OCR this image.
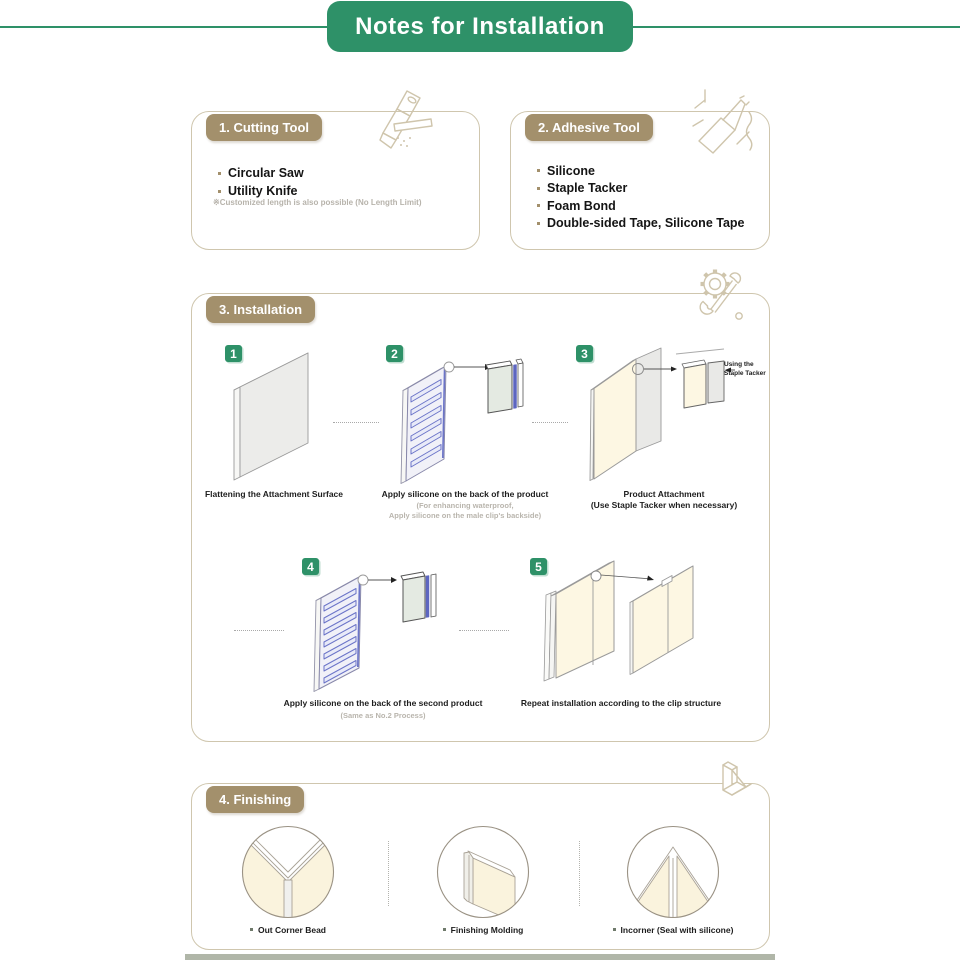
Notes for Installation
1. Cutting Tool
Circular Saw
Utility Knife
※Customized length is also possible (No Length Limit)
2. Adhesive Tool
Silicone
Staple Tacker
Foam Bond
Double-sided Tape, Silicone Tape
3. Installation
1
Flattening the Attachment Surface
2
Apply silicone on the back of the product
(For enhancing waterproof,
Apply silicone on the male clip's backside)
3
Using the
Staple Tacker
Product Attachment
(Use Staple Tacker when necessary)
4
Apply silicone on the back of the second product
(Same as No.2 Process)
5
Repeat installation according to the clip structure
4. Finishing
Out Corner Bead	Finishing Molding	Incorner (Seal with silicone)
